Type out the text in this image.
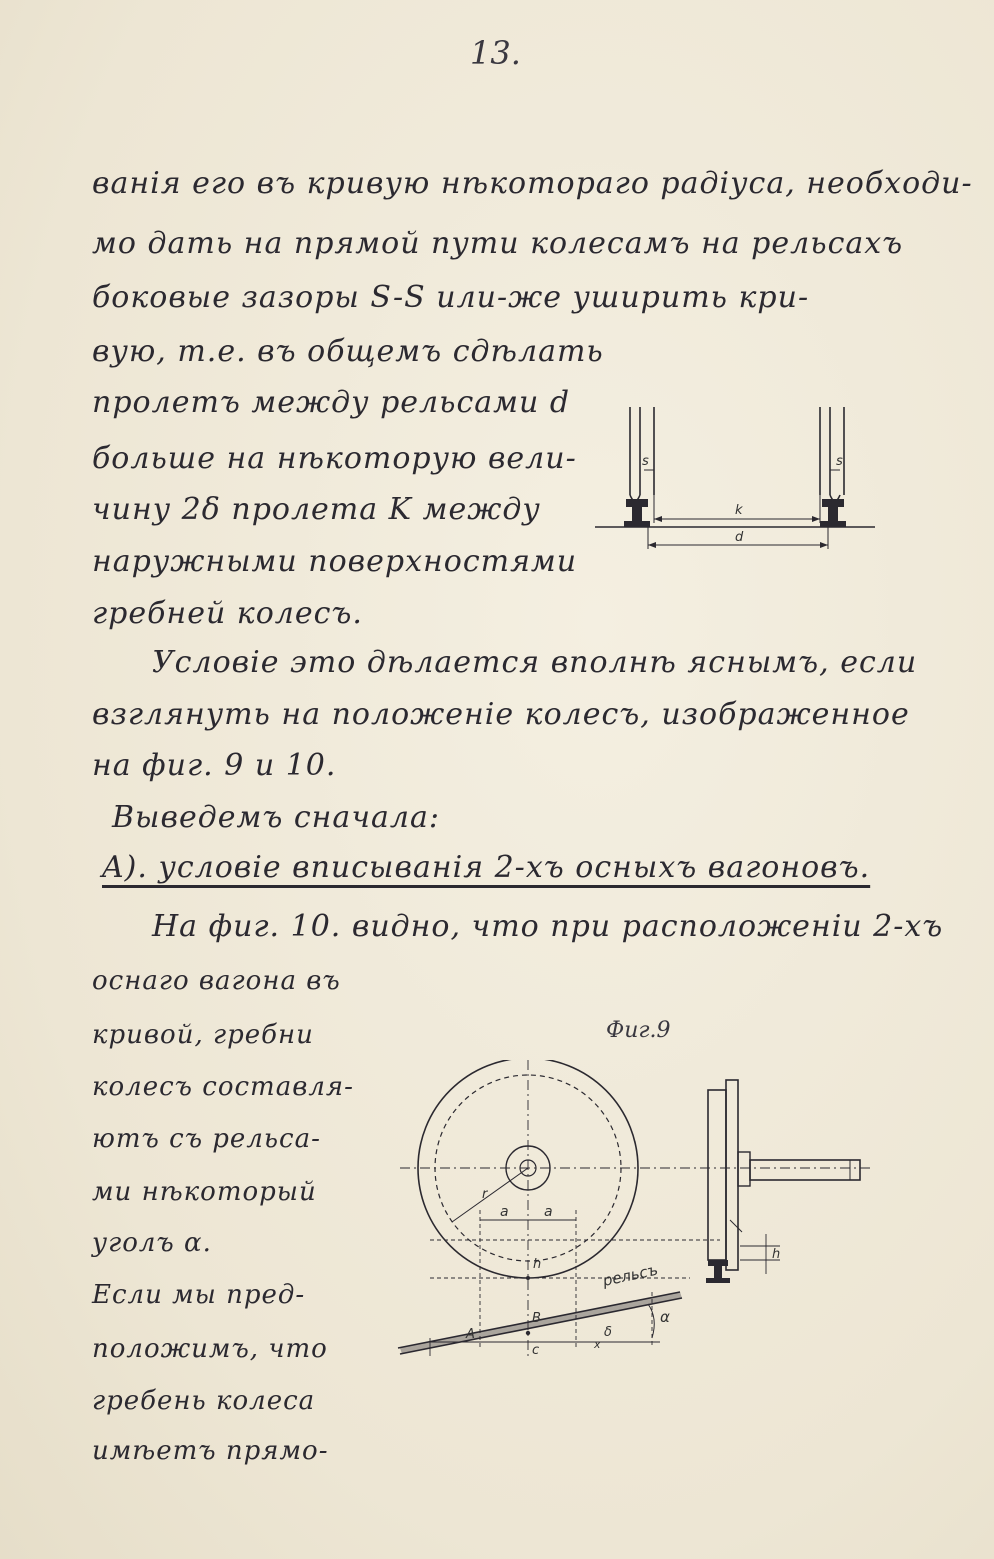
13.
ванія его въ кривую нѣкотораго радіуса, необходи-
мо дать на прямой пути колесамъ на рельсахъ
боковые зазоры S-S или-же уширить кри-
вую, т.е. въ общемъ сдѣлать
пролетъ между рельсами d
больше на нѣкоторую вели-
чину 2δ пролета K между
наружными поверхностями
гребней колесъ.
Условіе это дѣлается вполнѣ яснымъ, если
взглянуть на положеніе колесъ, изображенное
на фиг. 9 и 10.
Выведемъ сначала:
A). условіе вписыванія 2-хъ осныхъ вагоновъ.
На фиг. 10. видно, что при расположеніи 2-хъ
оснаго вагона въ
кривой, гребни
колесъ составля-
ютъ съ рельса-
ми нѣкоторый
уголъ α.
Если мы пред-
положимъ, что
гребень колеса
имѣетъ прямо-
s	s
k
d
Фиг.9
r
a	a
h
A
B
c
δ
x
рельсъ
α
h
